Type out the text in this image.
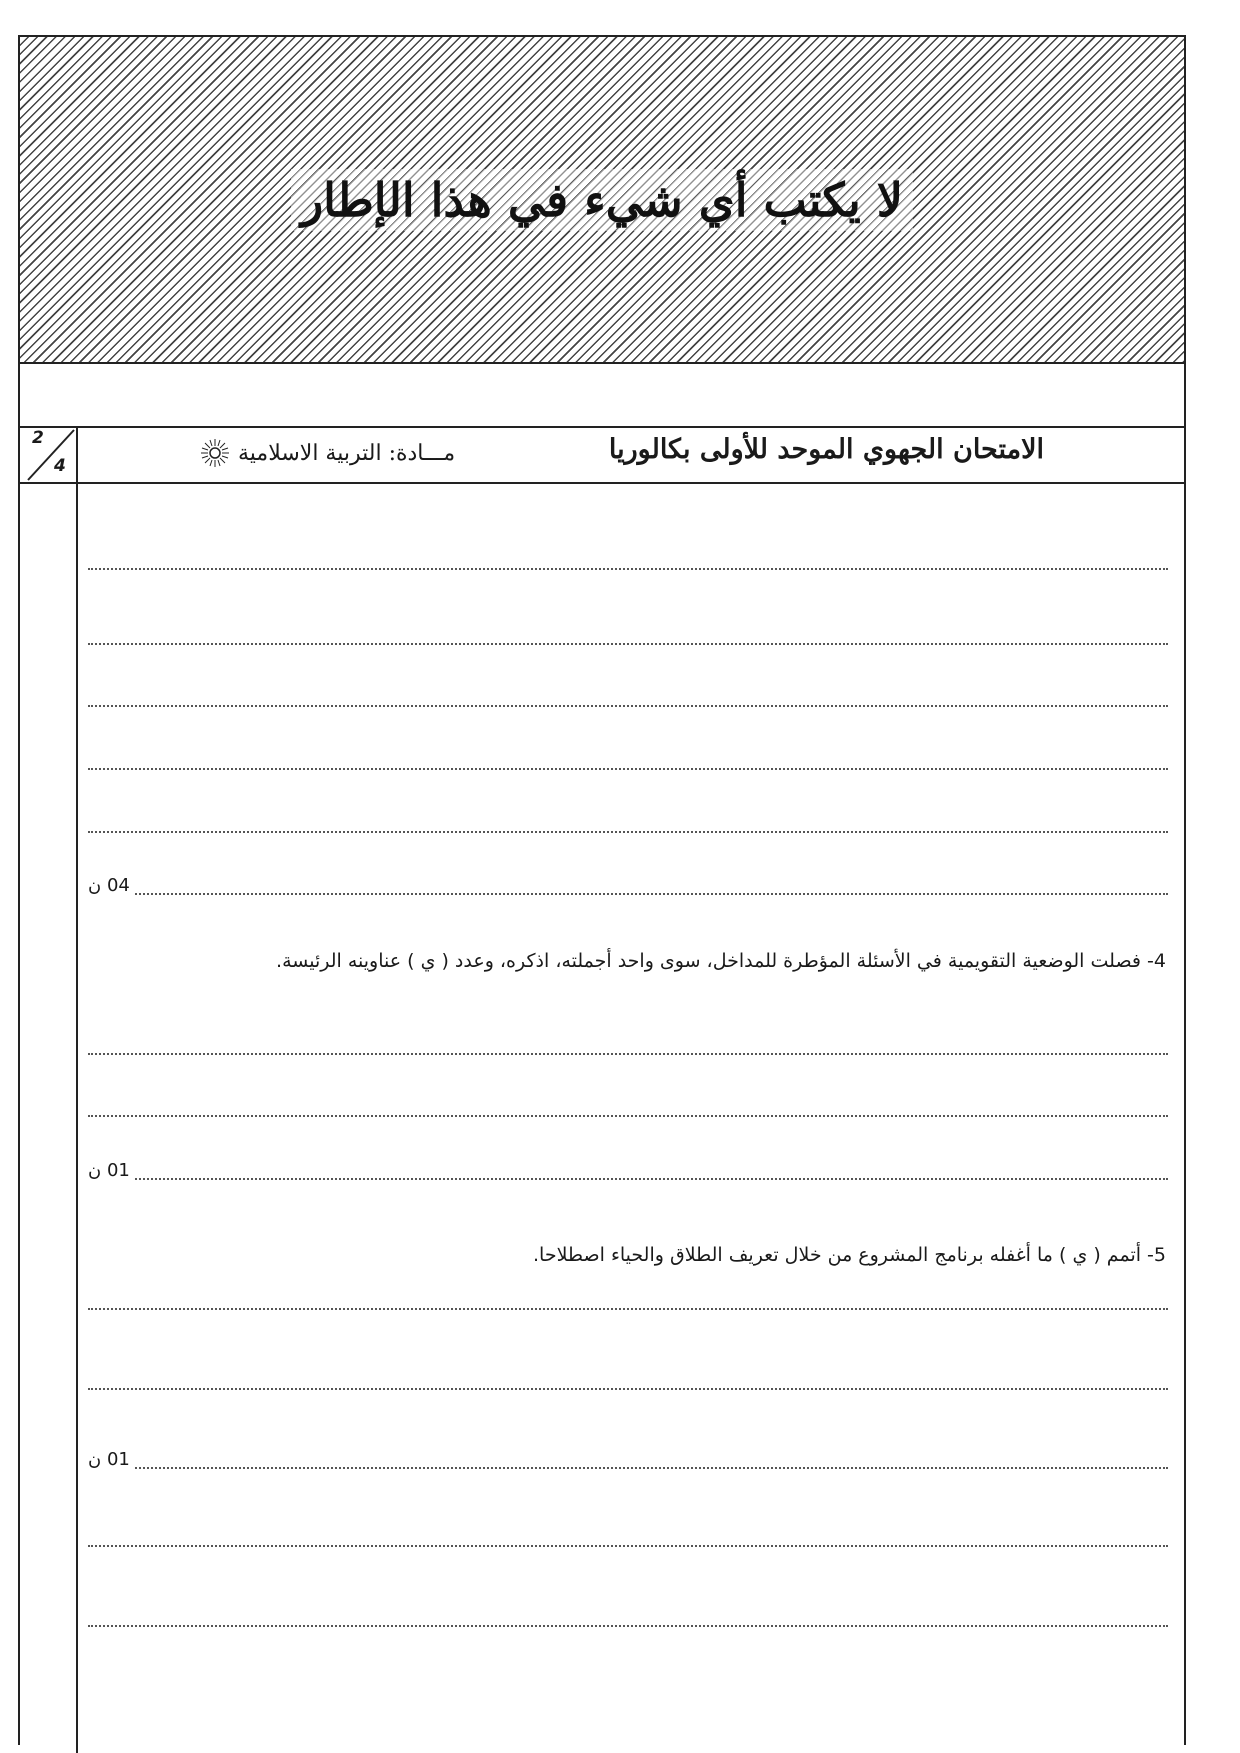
لا يكتب أي شيء في هذا الإطار
2
4
مـــادة: التربية الاسلامية	الامتحان الجهوي الموحد للأولى بكالوريا
04 ن
4- فصلت الوضعية التقويمية في الأسئلة المؤطرة للمداخل، سوى واحد أجملته، اذكره، وعدد ( ي ) عناوينه الرئيسة.
01 ن
5- أتمم ( ي ) ما أغفله برنامج المشروع من خلال تعريف الطلاق والحياء اصطلاحا.
01 ن
